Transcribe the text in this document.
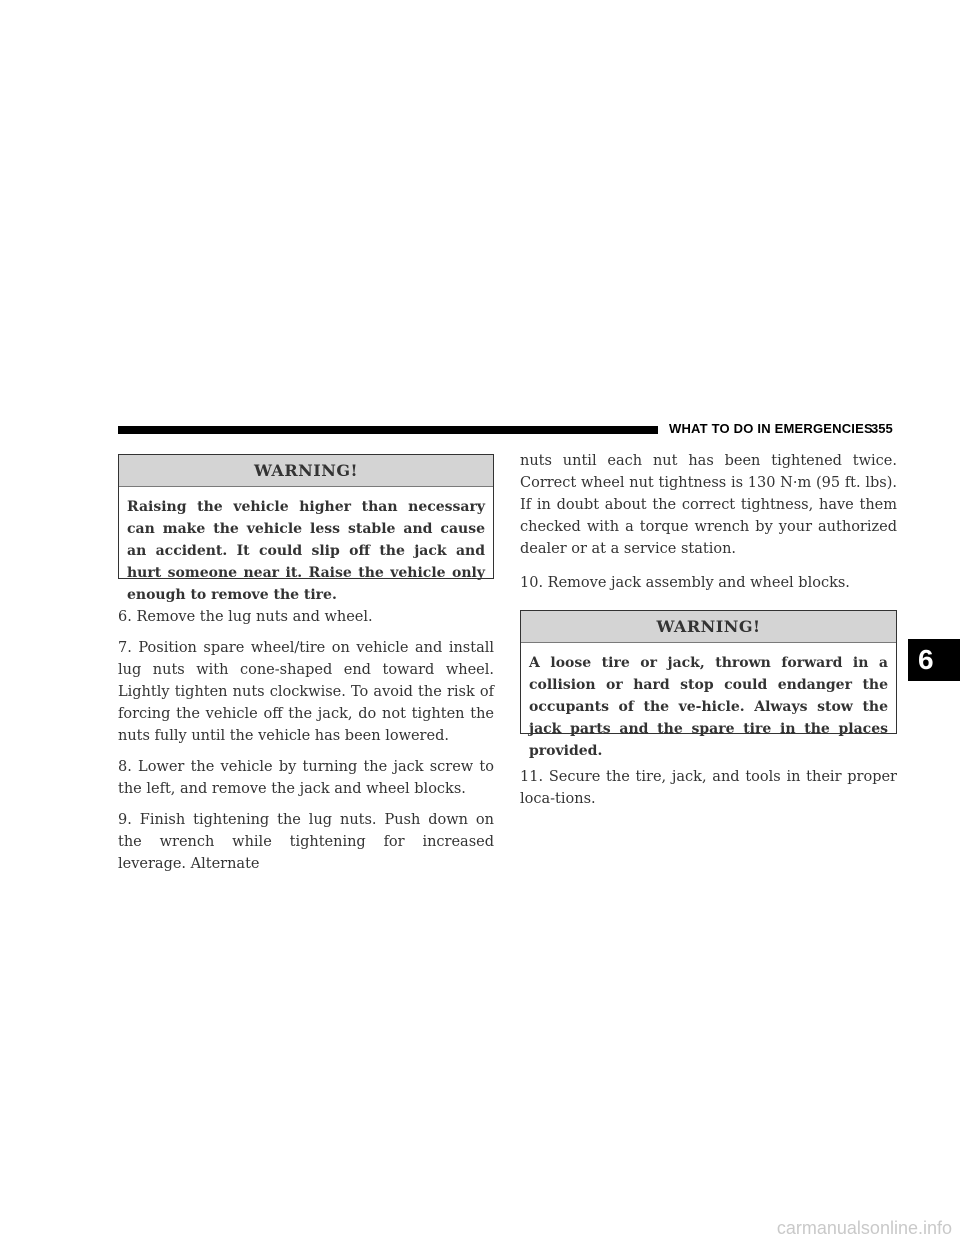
WHAT TO DO IN EMERGENCIES
355
WARNING!
Raising the vehicle higher than necessary can make the vehicle less stable and cause an accident. It could slip off the jack and hurt someone near it. Raise the vehicle only enough to remove the tire.

6. Remove the lug nuts and wheel.

7. Position spare wheel/tire on vehicle and install lug nuts with cone-shaped end toward wheel. Lightly tighten nuts clockwise. To avoid the risk of forcing the vehicle off the jack, do not tighten the nuts fully until the vehicle has been lowered.

8. Lower the vehicle by turning the jack screw to the left, and remove the jack and wheel blocks.

9. Finish tightening the lug nuts. Push down on the wrench while tightening for increased leverage. Alternate

nuts until each nut has been tightened twice. Correct wheel nut tightness is 130 N·m (95 ft. lbs). If in doubt about the correct tightness, have them checked with a torque wrench by your authorized dealer or at a service station.

10. Remove jack assembly and wheel blocks.

WARNING!
A loose tire or jack, thrown forward in a collision or hard stop could endanger the occupants of the ve-hicle. Always stow the jack parts and the spare tire in the places provided.

11. Secure the tire, jack, and tools in their proper loca-tions.

6
carmanualsonline.info
